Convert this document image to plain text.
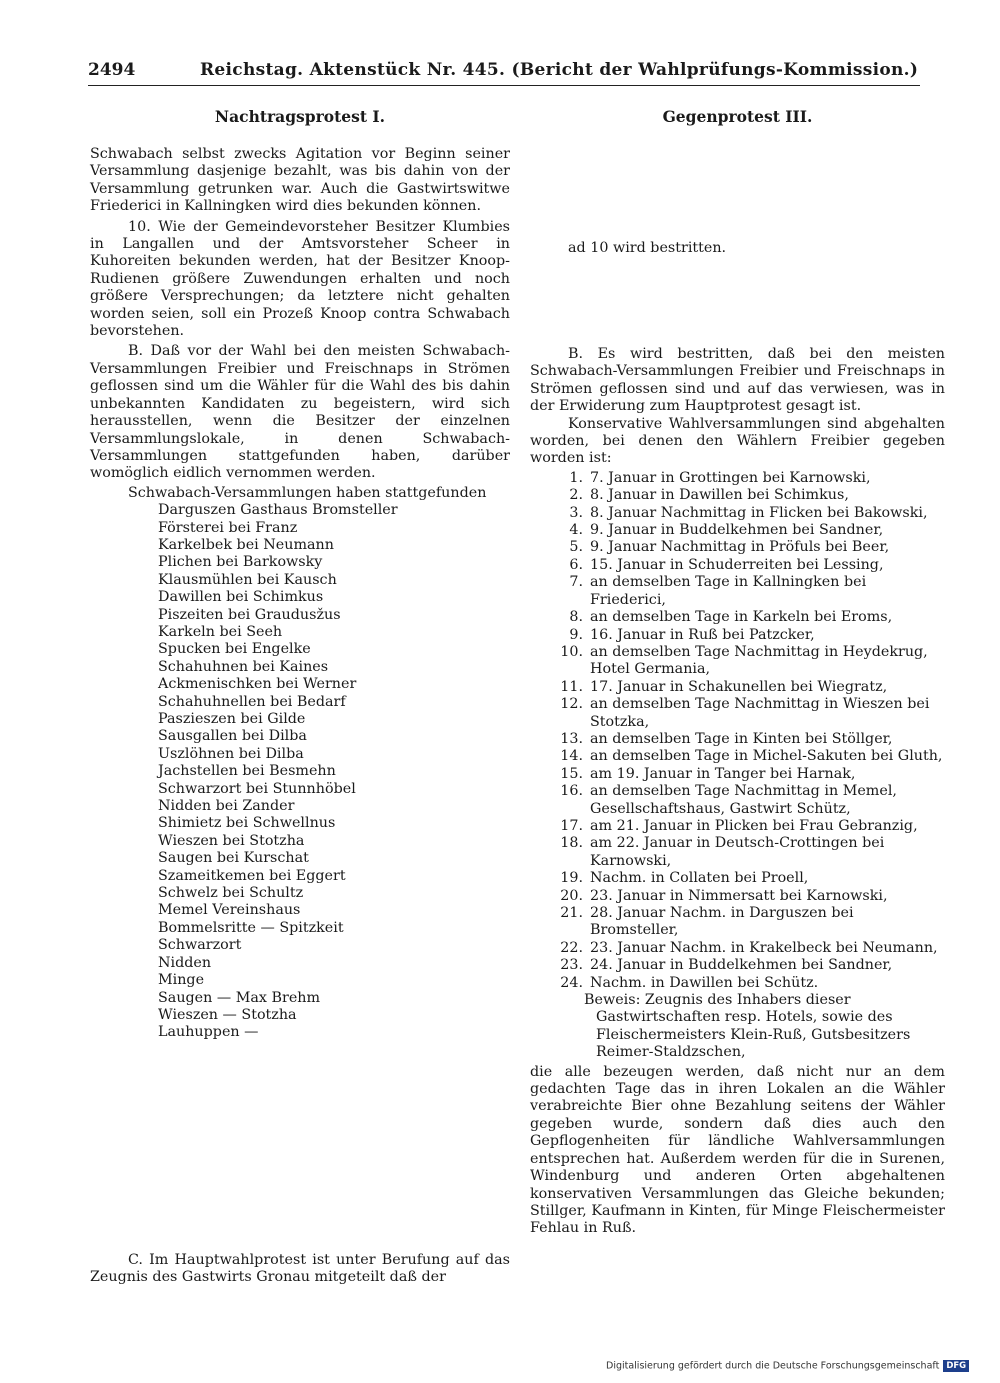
2494	Reichstag. Aktenstück Nr. 445. (Bericht der Wahlprüfungs-Kommission.)
Nachtragsprotest I.	Gegenprotest III.

Schwabach selbst zwecks Agitation vor Beginn seiner Versammlung dasjenige bezahlt, was bis dahin von der Versammlung getrunken war. Auch die Gastwirtswitwe Friederici in Kallningken wird dies bekunden können.

10. Wie der Gemeindevorsteher Besitzer Klumbies in Langallen und der Amtsvorsteher Scheer in Kuhoreiten bekunden werden, hat der Besitzer Knoop-Rudienen größere Zuwendungen erhalten und noch größere Versprechungen; da letztere nicht gehalten worden seien, soll ein Prozeß Knoop contra Schwabach bevorstehen.

B. Daß vor der Wahl bei den meisten Schwabach-Versammlungen Freibier und Freischnaps in Strömen geflossen sind um die Wähler für die Wahl des bis dahin unbekannten Kandidaten zu begeistern, wird sich herausstellen, wenn die Besitzer der einzelnen Versammlungslokale, in denen Schwabach-Versammlungen stattgefunden haben, darüber womöglich eidlich vernommen werden.

Schwabach-Versammlungen haben stattgefunden

Darguszen Gasthaus Bromsteller
Försterei bei Franz
Karkelbek bei Neumann
Plichen bei Barkowsky
Klausmühlen bei Kausch
Dawillen bei Schimkus
Piszeiten bei Graudusžus
Karkeln bei Seeh
Spucken bei Engelke
Schahuhnen bei Kaines
Ackmenischken bei Werner
Schahuhnellen bei Bedarf
Paszieszen bei Gilde
Sausgallen bei Dilba
Uszlöhnen bei Dilba
Jachstellen bei Besmehn
Schwarzort bei Stunnhöbel
Nidden bei Zander
Shimietz bei Schwellnus
Wieszen bei Stotzha
Saugen bei Kurschat
Szameitkemen bei Eggert
Schwelz bei Schultz
Memel Vereinshaus
Bommelsritte — Spitzkeit
Schwarzort
Nidden
Minge
Saugen — Max Brehm
Wieszen — Stotzha
Lauhuppen —

C. Im Hauptwahlprotest ist unter Berufung auf das Zeugnis des Gastwirts Gronau mitgeteilt daß der

ad 10 wird bestritten.

B. Es wird bestritten, daß bei den meisten Schwabach-Versammlungen Freibier und Freischnaps in Strömen geflossen sind und auf das verwiesen, was in der Erwiderung zum Hauptprotest gesagt ist.

Konservative Wahlversammlungen sind abgehalten worden, bei denen den Wählern Freibier gegeben worden ist:

1. 7. Januar in Grottingen bei Karnowski,
2. 8. Januar in Dawillen bei Schimkus,
3. 8. Januar Nachmittag in Flicken bei Bakowski,
4. 9. Januar in Buddelkehmen bei Sandner,
5. 9. Januar Nachmittag in Pröfuls bei Beer,
6. 15. Januar in Schuderreiten bei Lessing,
7. an demselben Tage in Kallningken bei Friederici,
8. an demselben Tage in Karkeln bei Eroms,
9. 16. Januar in Ruß bei Patzcker,
10. an demselben Tage Nachmittag in Heydekrug, Hotel Germania,
11. 17. Januar in Schakunellen bei Wiegratz,
12. an demselben Tage Nachmittag in Wieszen bei Stotzka,
13. an demselben Tage in Kinten bei Stöllger,
14. an demselben Tage in Michel-Sakuten bei Gluth,
15. am 19. Januar in Tanger bei Harnak,
16. an demselben Tage Nachmittag in Memel, Gesellschaftshaus, Gastwirt Schütz,
17. am 21. Januar in Plicken bei Frau Gebranzig,
18. am 22. Januar in Deutsch-Crottingen bei Karnowski,
19. Nachm. in Collaten bei Proell,
20. 23. Januar in Nimmersatt bei Karnowski,
21. 28. Januar Nachm. in Darguszen bei Bromsteller,
22. 23. Januar Nachm. in Krakelbeck bei Neumann,
23. 24. Januar in Buddelkehmen bei Sandner,
24. Nachm. in Dawillen bei Schütz.

Beweis: Zeugnis des Inhabers dieser Gastwirtschaften resp. Hotels, sowie des Fleischermeisters Klein-Ruß, Gutsbesitzers Reimer-Staldzschen,

die alle bezeugen werden, daß nicht nur an dem gedachten Tage das in ihren Lokalen an die Wähler verabreichte Bier ohne Bezahlung seitens der Wähler gegeben wurde, sondern daß dies auch den Gepflogenheiten für ländliche Wahlversammlungen entsprechen hat. Außerdem werden für die in Surenen, Windenburg und anderen Orten abgehaltenen konservativen Versammlungen das Gleiche bekunden; Stillger, Kaufmann in Kinten, für Minge Fleischermeister Fehlau in Ruß.

Digitalisierung gefördert durch die Deutsche Forschungsgemeinschaft DFG
